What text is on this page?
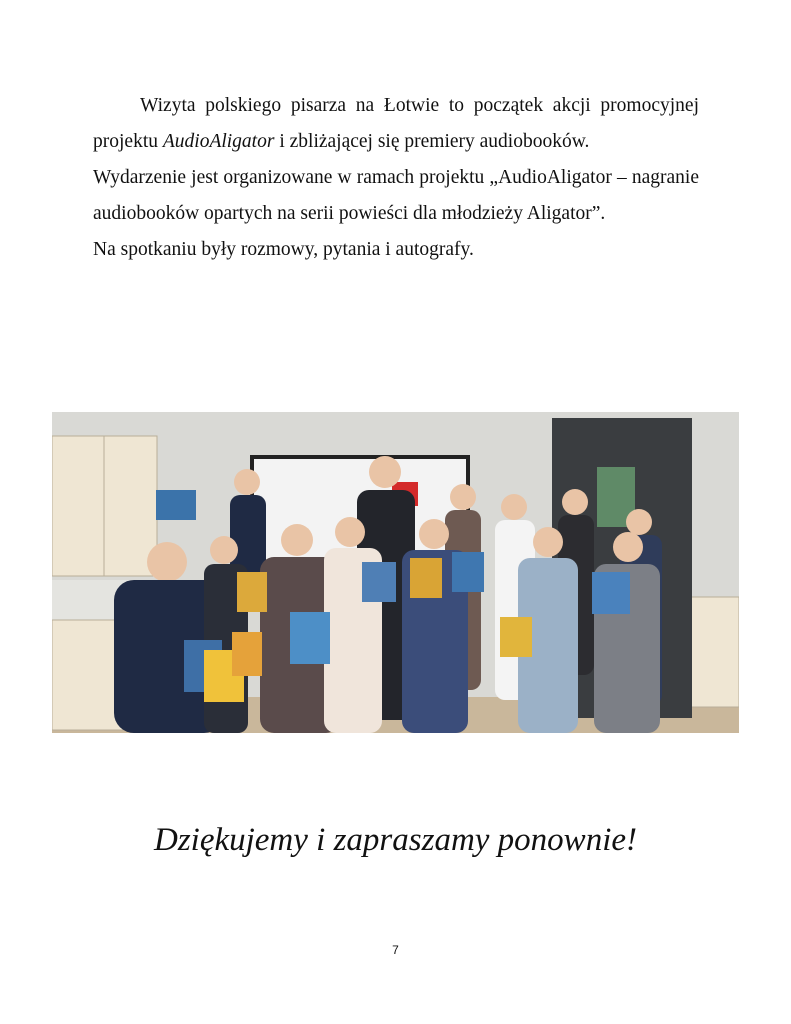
Wizyta polskiego pisarza na Łotwie to początek akcji promocyjnej projektu AudioAligator i zbliżającej się premiery audiobooków.

Wydarzenie jest organizowane w ramach projektu „AudioAligator – nagranie audiobooków opartych na serii powieści dla młodzieży Aligator”.

Na spotkaniu były rozmowy, pytania i autografy.

Dziękujemy i zapraszamy ponownie!
7
